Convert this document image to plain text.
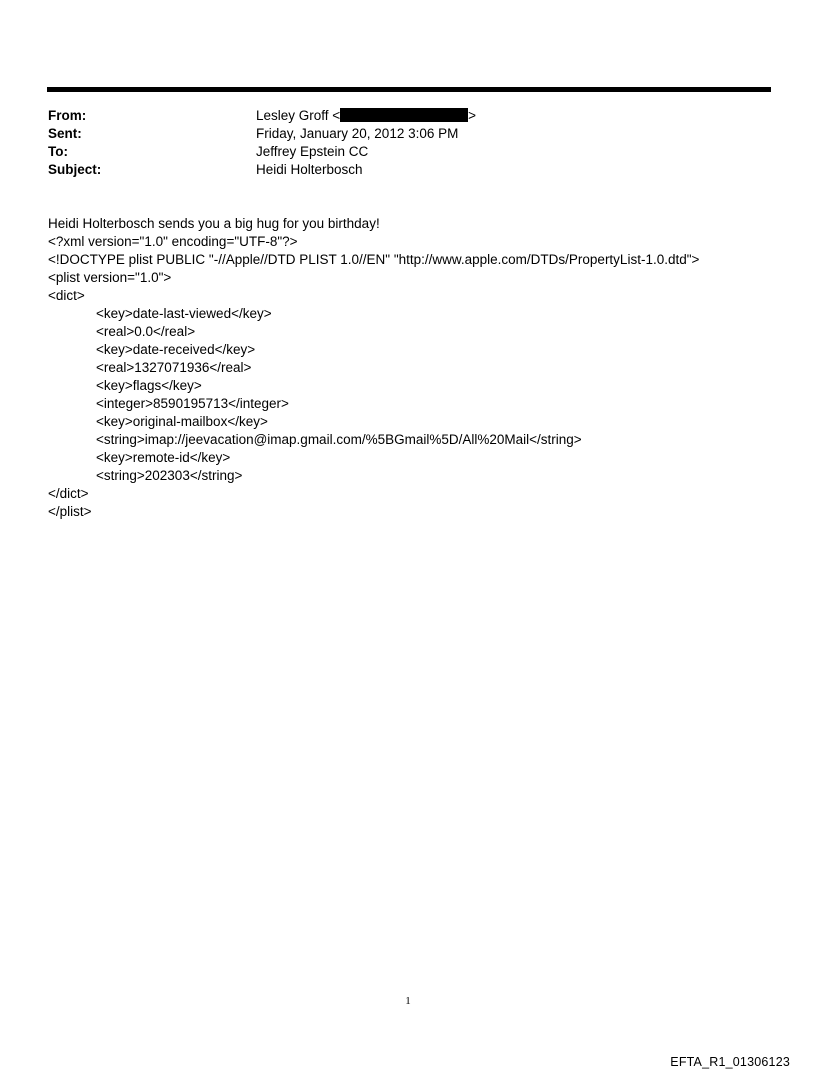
From:	Lesley Groff <	>
Sent:	Friday, January 20, 2012 3:06 PM
To:	Jeffrey Epstein CC
Subject:	Heidi Holterbosch
Heidi Holterbosch sends you a big hug for you birthday!
<?xml version="1.0" encoding="UTF-8"?>
<!DOCTYPE plist PUBLIC "-//Apple//DTD PLIST 1.0//EN" "http://www.apple.com/DTDs/PropertyList-1.0.dtd">
<plist version="1.0">
<dict>
<key>date-last-viewed</key>
<real>0.0</real>
<key>date-received</key>
<real>1327071936</real>
<key>flags</key>
<integer>8590195713</integer>
<key>original-mailbox</key>
<string>imap://jeevacation@imap.gmail.com/%5BGmail%5D/All%20Mail</string>
<key>remote-id</key>
<string>202303</string>
</dict>
</plist>
1
EFTA_R1_01306123
